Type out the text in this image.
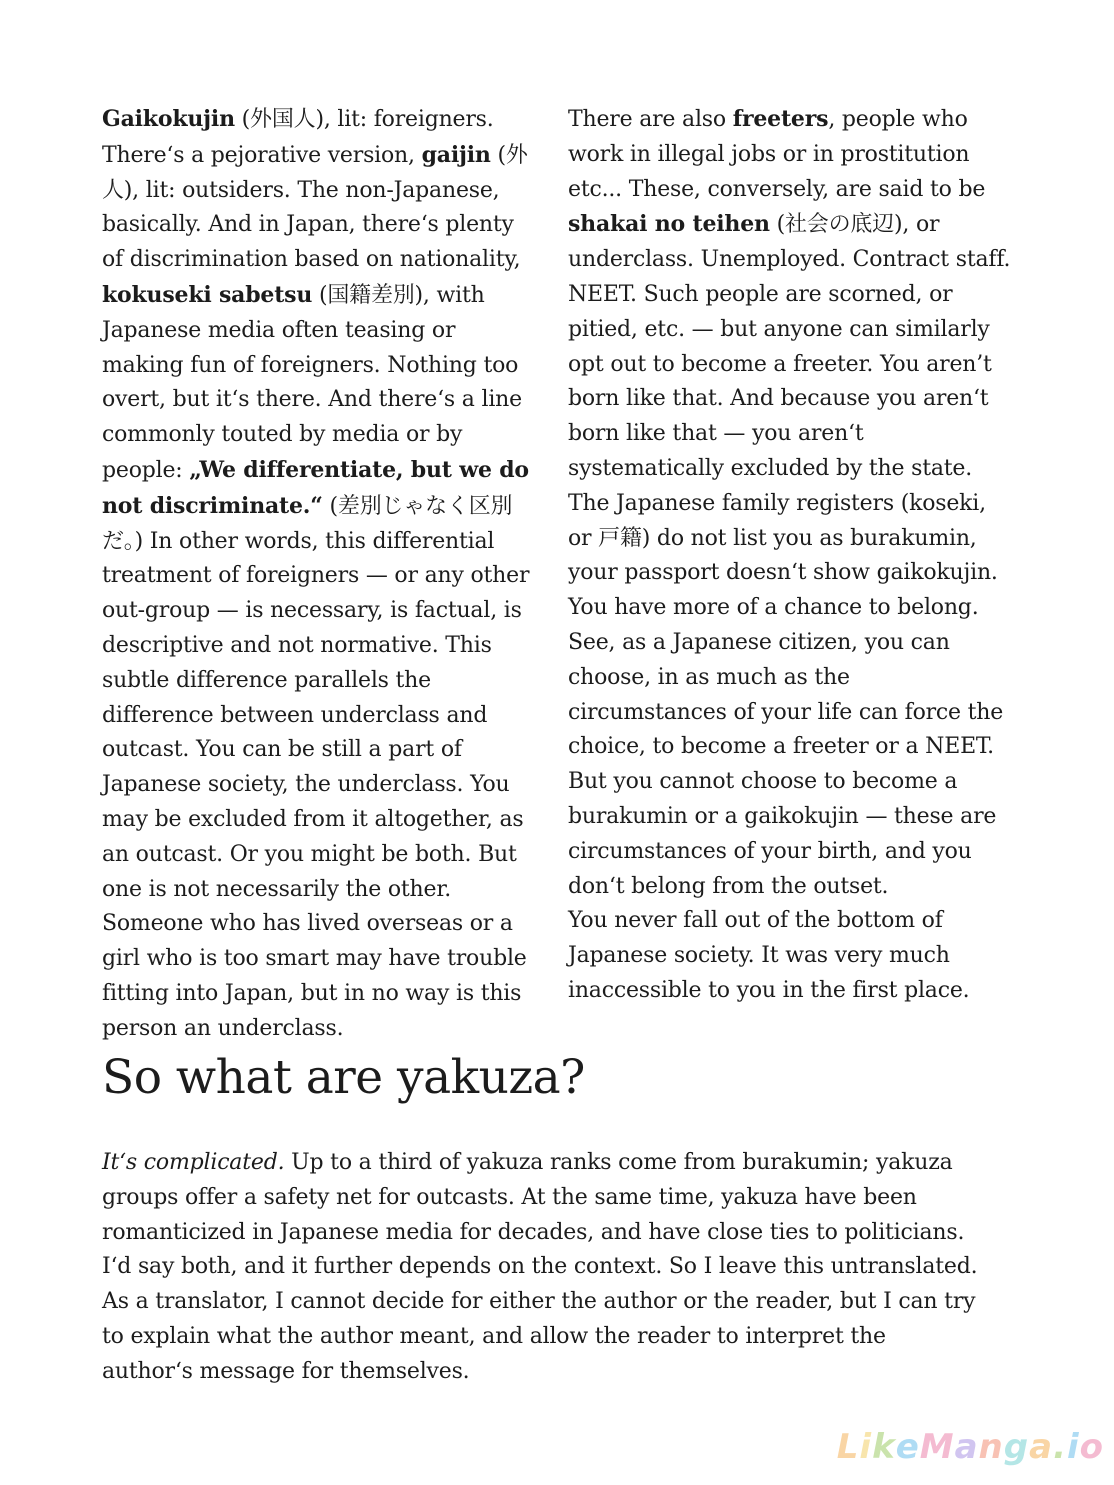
Gaikokujin (外国人), lit: foreigners. There‘s a pejorative version, gaijin (外人), lit: outsiders. The non-Japanese, basically. And in Japan, there‘s plenty of discrimination based on nationality, kokuseki sabetsu (国籍差別), with Japanese media often teasing or making fun of foreigners. Nothing too overt, but it‘s there. And there‘s a line commonly touted by media or by people: „We differentiate, but we do not discriminate.“ (差別じゃなく区別だ。) In other words, this differential treatment of foreigners — or any other out-group — is necessary, is factual, is descriptive and not normative. This subtle difference parallels the difference between underclass and outcast. You can be still a part of Japanese society, the underclass. You may be excluded from it altogether, as an outcast. Or you might be both. But one is not necessarily the other. Someone who has lived overseas or a girl who is too smart may have trouble fitting into Japan, but in no way is this person an underclass.

There are also freeters, people who work in illegal jobs or in prostitution etc... These, conversely, are said to be shakai no teihen (社会の底辺), or underclass. Unemployed. Contract staff. NEET. Such people are scorned, or pitied, etc. — but anyone can similarly opt out to become a freeter. You aren’t born like that. And because you aren‘t born like that — you aren‘t systematically excluded by the state. The Japanese family registers (koseki, or 戸籍) do not list you as burakumin, your passport doesn‘t show gaikokujin. You have more of a chance to belong. See, as a Japanese citizen, you can choose, in as much as the circumstances of your life can force the choice, to become a freeter or a NEET. But you cannot choose to become a burakumin or a gaikokujin — these are circumstances of your birth, and you don‘t belong from the outset.

You never fall out of the bottom of Japanese society. It was very much inaccessible to you in the first place.

So what are yakuza?

It‘s complicated. Up to a third of yakuza ranks come from burakumin; yakuza groups offer a safety net for outcasts. At the same time, yakuza have been romanticized in Japanese media for decades, and have close ties to politicians. I‘d say both, and it further depends on the context. So I leave this untranslated. As a translator, I cannot decide for either the author or the reader, but I can try to explain what the author meant, and allow the reader to interpret the author‘s message for themselves.

LikeManga.io
